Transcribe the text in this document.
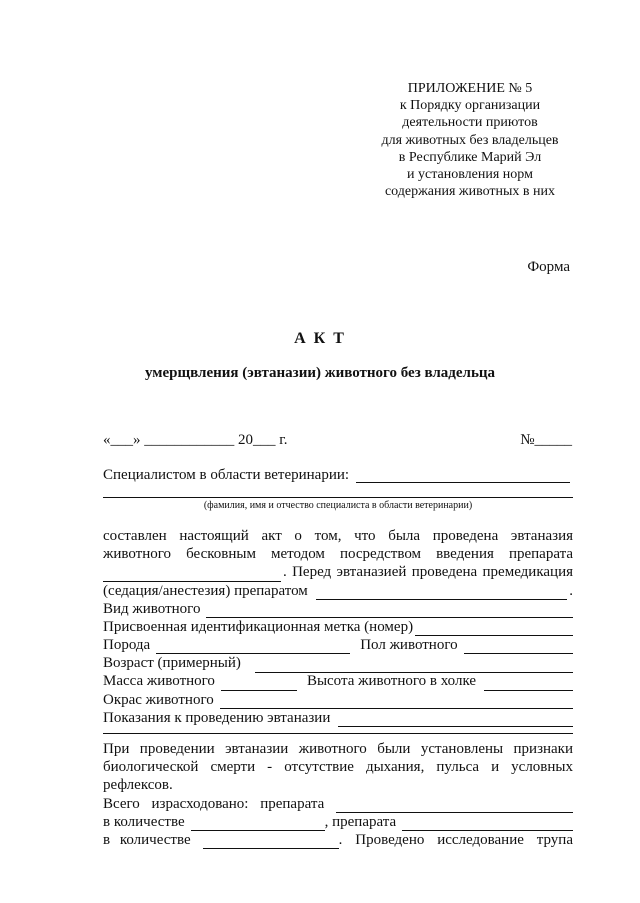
ПРИЛОЖЕНИЕ № 5
к Порядку организации
деятельности приютов
для животных без владельцев
в Республике Марий Эл
и установления норм
содержания животных в них
Форма
А К Т
умерщвления (эвтаназии) животного без владельца
«___» ____________ 20___ г.	№_____
Специалистом в области ветеринарии:
(фамилия, имя и отчество специалиста в области ветеринарии)
составлен настоящий акт о том, что была проведена эвтаназия
животного бесковным методом посредством введения препарата
. Перед эвтаназией проведена премедикация
(седация/анестезия) препаратом	.
Вид животного
Присвоенная идентификационная метка (номер)
Порода	Пол животного
Возраст (примерный)
Масса животного	Высота животного в холке
Окрас животного
Показания к проведению эвтаназии
При проведении эвтаназии животного были установлены признаки
биологической смерти - отсутствие дыхания, пульса и условных
рефлексов.
Всего израсходовано: препарата
в количестве	, препарата
в количестве	. Проведено исследование трупа
